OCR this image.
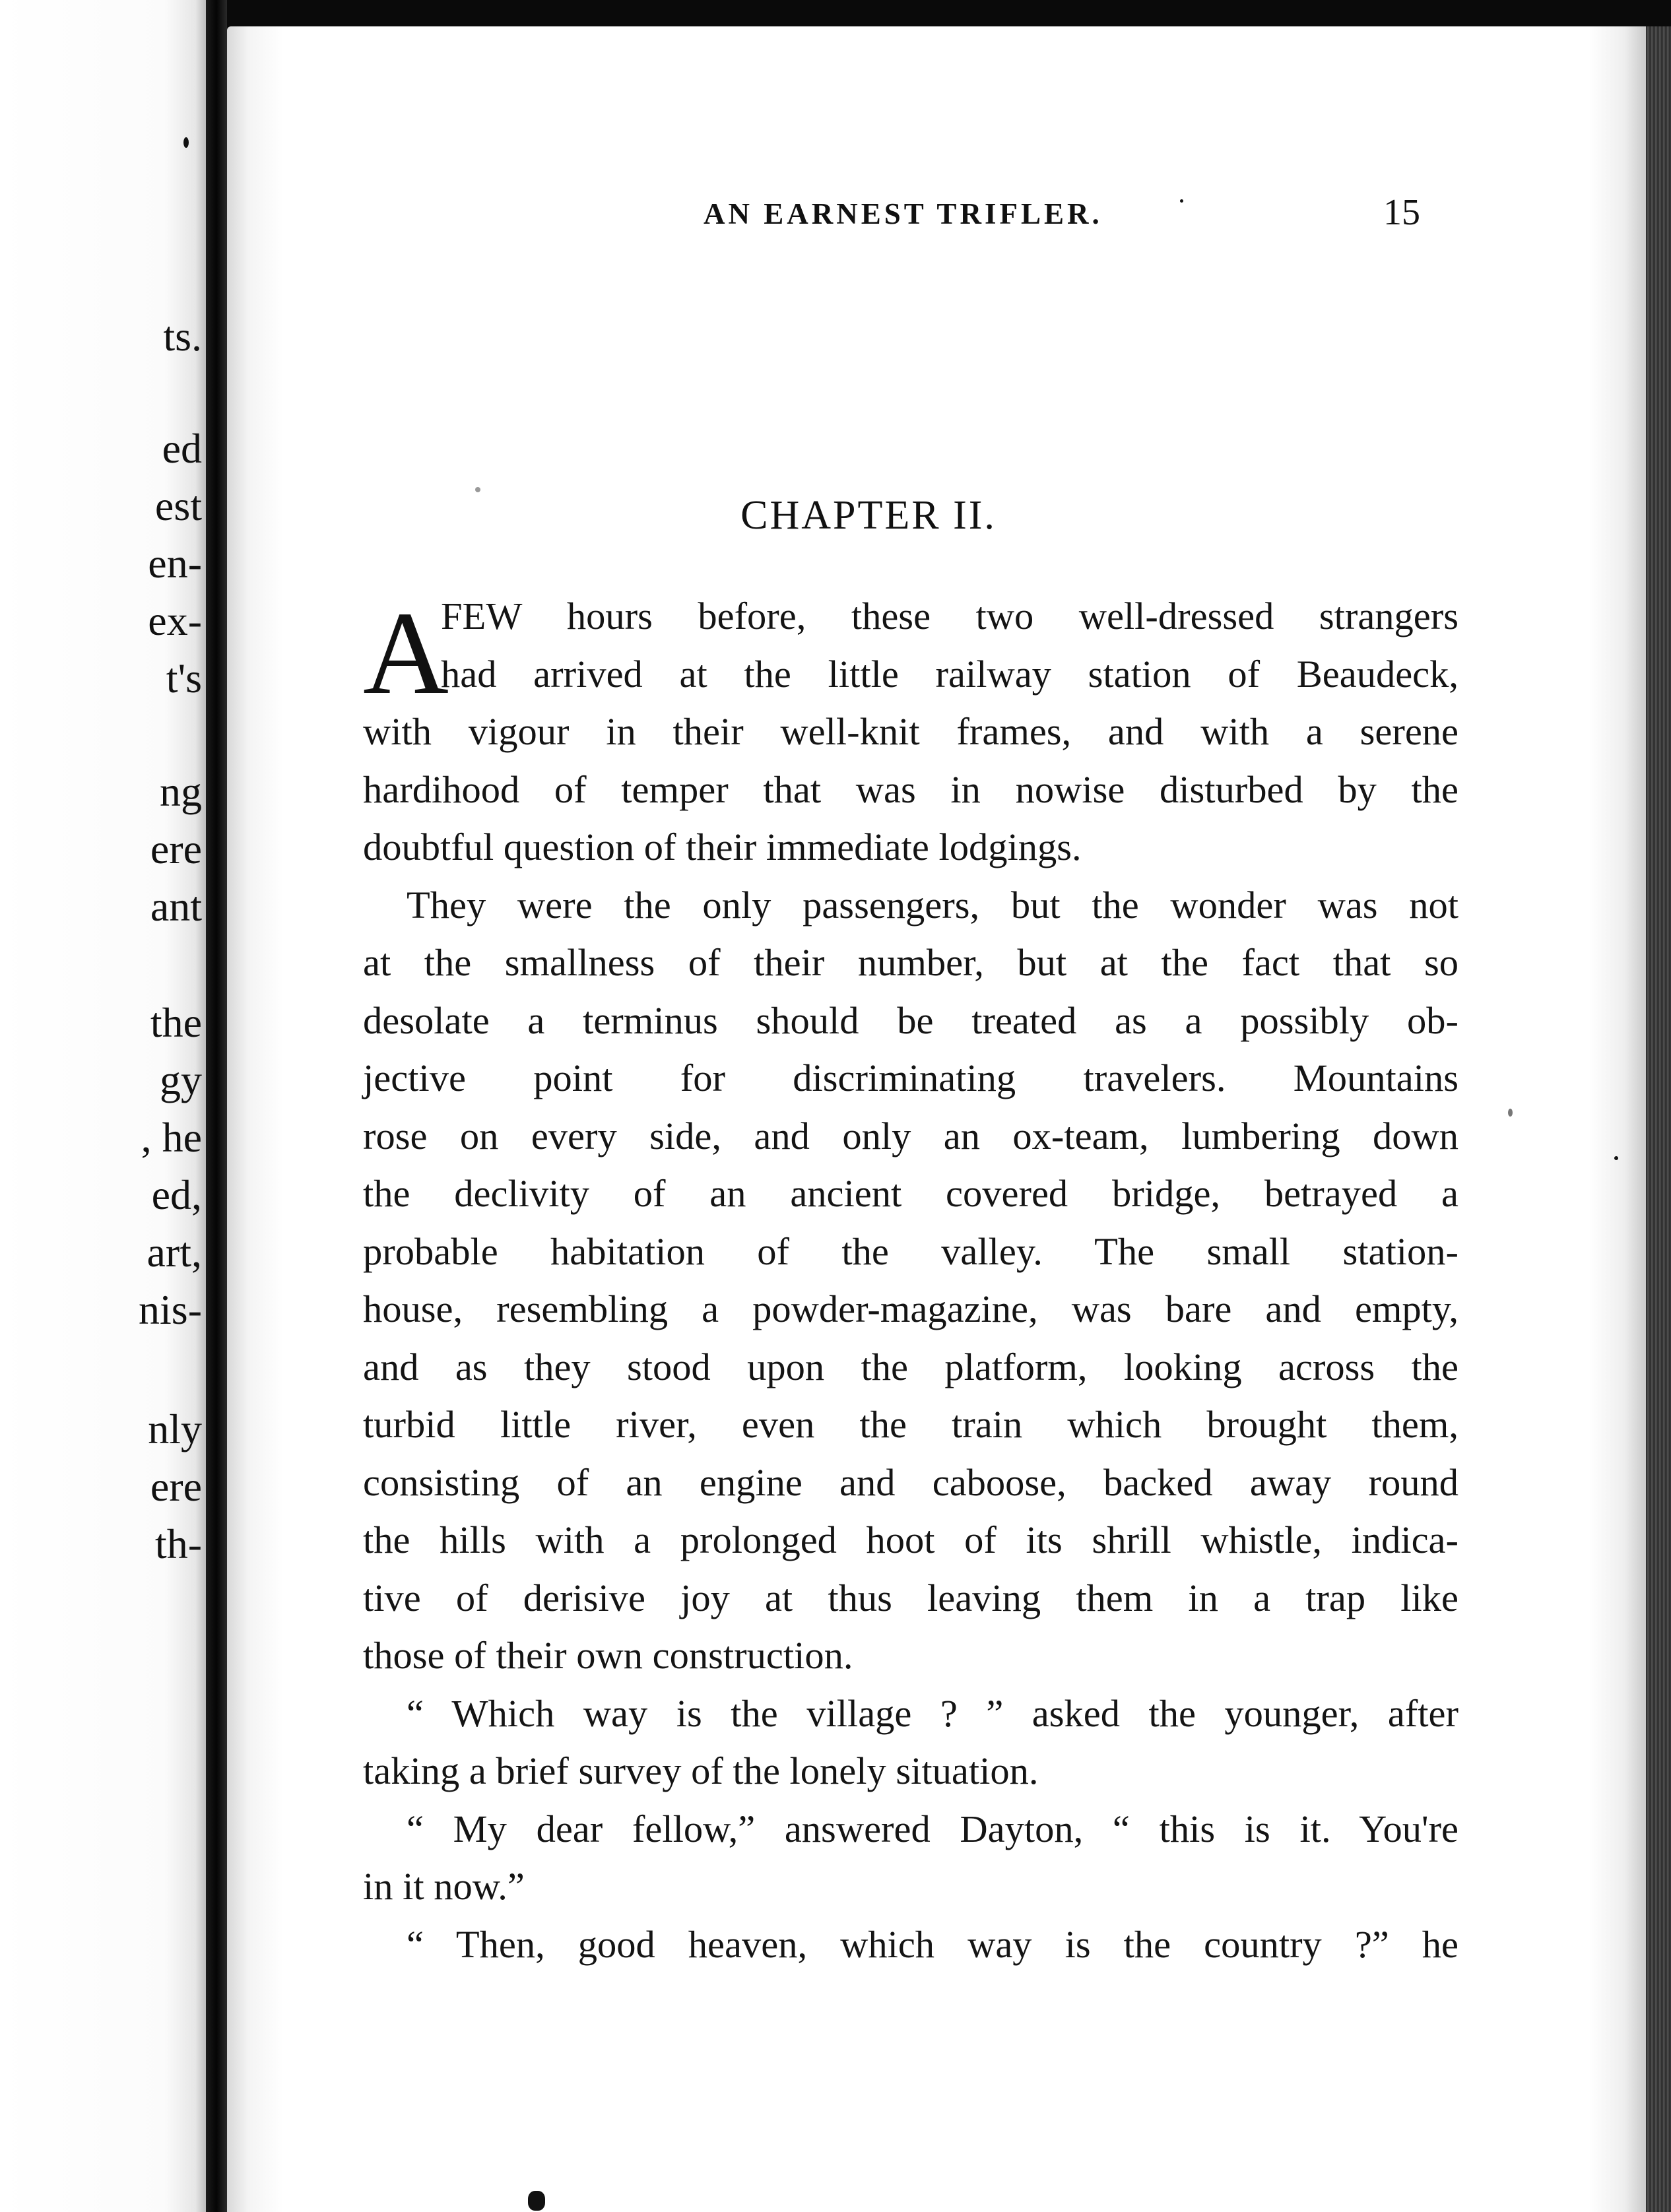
ts.
ed
est
en-
ex-
t's
ng
ere
ant
the
gy
, he
ed,
art,
nis-
nly
ere
th-
AN EARNEST TRIFLER.	15
CHAPTER II.
A
FEW hours before, these two well-dressed strangers
had arrived at the little railway station of Beaudeck,
with vigour in their well-knit frames, and with a serene
hardihood of temper that was in nowise disturbed by the
doubtful question of their immediate lodgings.
They were the only passengers, but the wonder was not
at the smallness of their number, but at the fact that so
desolate a terminus should be treated as a possibly ob-
jective point for discriminating travelers. Mountains
rose on every side, and only an ox-team, lumbering down
the declivity of an ancient covered bridge, betrayed a
probable habitation of the valley. The small station-
house, resembling a powder-magazine, was bare and empty,
and as they stood upon the platform, looking across the
turbid little river, even the train which brought them,
consisting of an engine and caboose, backed away round
the hills with a prolonged hoot of its shrill whistle, indica-
tive of derisive joy at thus leaving them in a trap like
those of their own construction.
“ Which way is the village ? ” asked the younger, after
taking a brief survey of the lonely situation.
“ My dear fellow,” answered Dayton, “ this is it. You're
in it now.”
“ Then, good heaven, which way is the country ?” he
